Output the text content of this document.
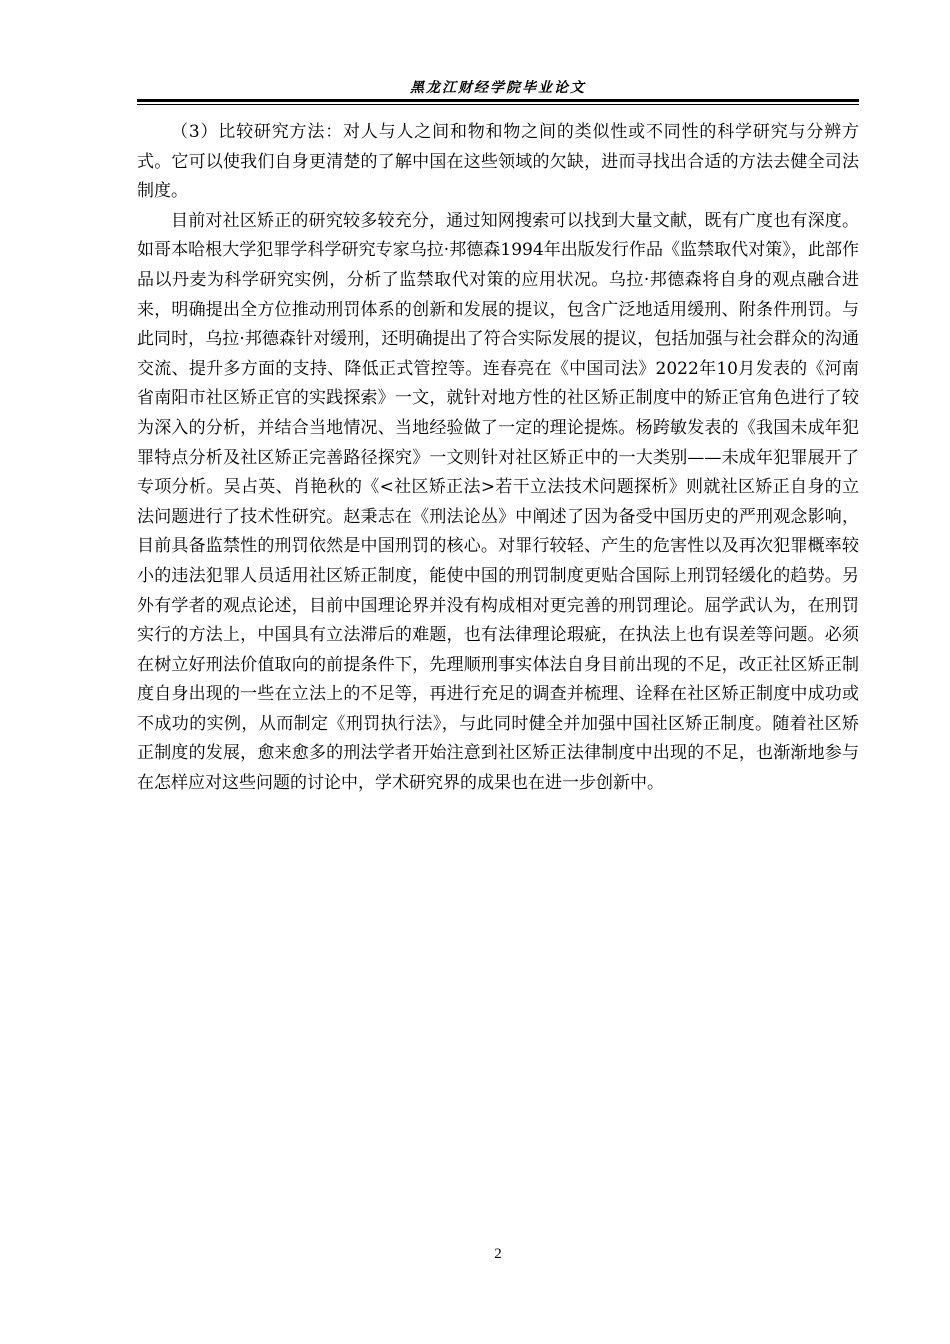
黑龙江财经学院毕业论文

（3）比较研究方法：对人与人之间和物和物之间的类似性或不同性的科学研究与分辨方式。它可以使我们自身更清楚的了解中国在这些领域的欠缺，进而寻找出合适的方法去健全司法制度。

目前对社区矫正的研究较多较充分，通过知网搜索可以找到大量文献，既有广度也有深度。如哥本哈根大学犯罪学科学研究专家乌拉·邦德森1994年出版发行作品《监禁取代对策》，此部作品以丹麦为科学研究实例，分析了监禁取代对策的应用状况。乌拉·邦德森将自身的观点融合进来，明确提出全方位推动刑罚体系的创新和发展的提议，包含广泛地适用缓刑、附条件刑罚。与此同时，乌拉·邦德森针对缓刑，还明确提出了符合实际发展的提议，包括加强与社会群众的沟通交流、提升多方面的支持、降低正式管控等。连春亮在《中国司法》2022年10月发表的《河南省南阳市社区矫正官的实践探索》一文，就针对地方性的社区矫正制度中的矫正官角色进行了较为深入的分析，并结合当地情况、当地经验做了一定的理论提炼。杨跨敏发表的《我国未成年犯罪特点分析及社区矫正完善路径探究》一文则针对社区矫正中的一大类别——未成年犯罪展开了专项分析。吴占英、肖艳秋的《<社区矫正法>若干立法技术问题探析》则就社区矫正自身的立法问题进行了技术性研究。赵秉志在《刑法论丛》中阐述了因为备受中国历史的严刑观念影响，目前具备监禁性的刑罚依然是中国刑罚的核心。对罪行较轻、产生的危害性以及再次犯罪概率较小的违法犯罪人员适用社区矫正制度，能使中国的刑罚制度更贴合国际上刑罚轻缓化的趋势。另外有学者的观点论述，目前中国理论界并没有构成相对更完善的刑罚理论。屈学武认为，在刑罚实行的方法上，中国具有立法滞后的难题，也有法律理论瑕疵，在执法上也有误差等问题。必须在树立好刑法价值取向的前提条件下，先理顺刑事实体法自身目前出现的不足，改正社区矫正制度自身出现的一些在立法上的不足等，再进行充足的调查并梳理、诠释在社区矫正制度中成功或不成功的实例，从而制定《刑罚执行法》，与此同时健全并加强中国社区矫正制度。随着社区矫正制度的发展，愈来愈多的刑法学者开始注意到社区矫正法律制度中出现的不足，也渐渐地参与在怎样应对这些问题的讨论中，学术研究界的成果也在进一步创新中。

2
